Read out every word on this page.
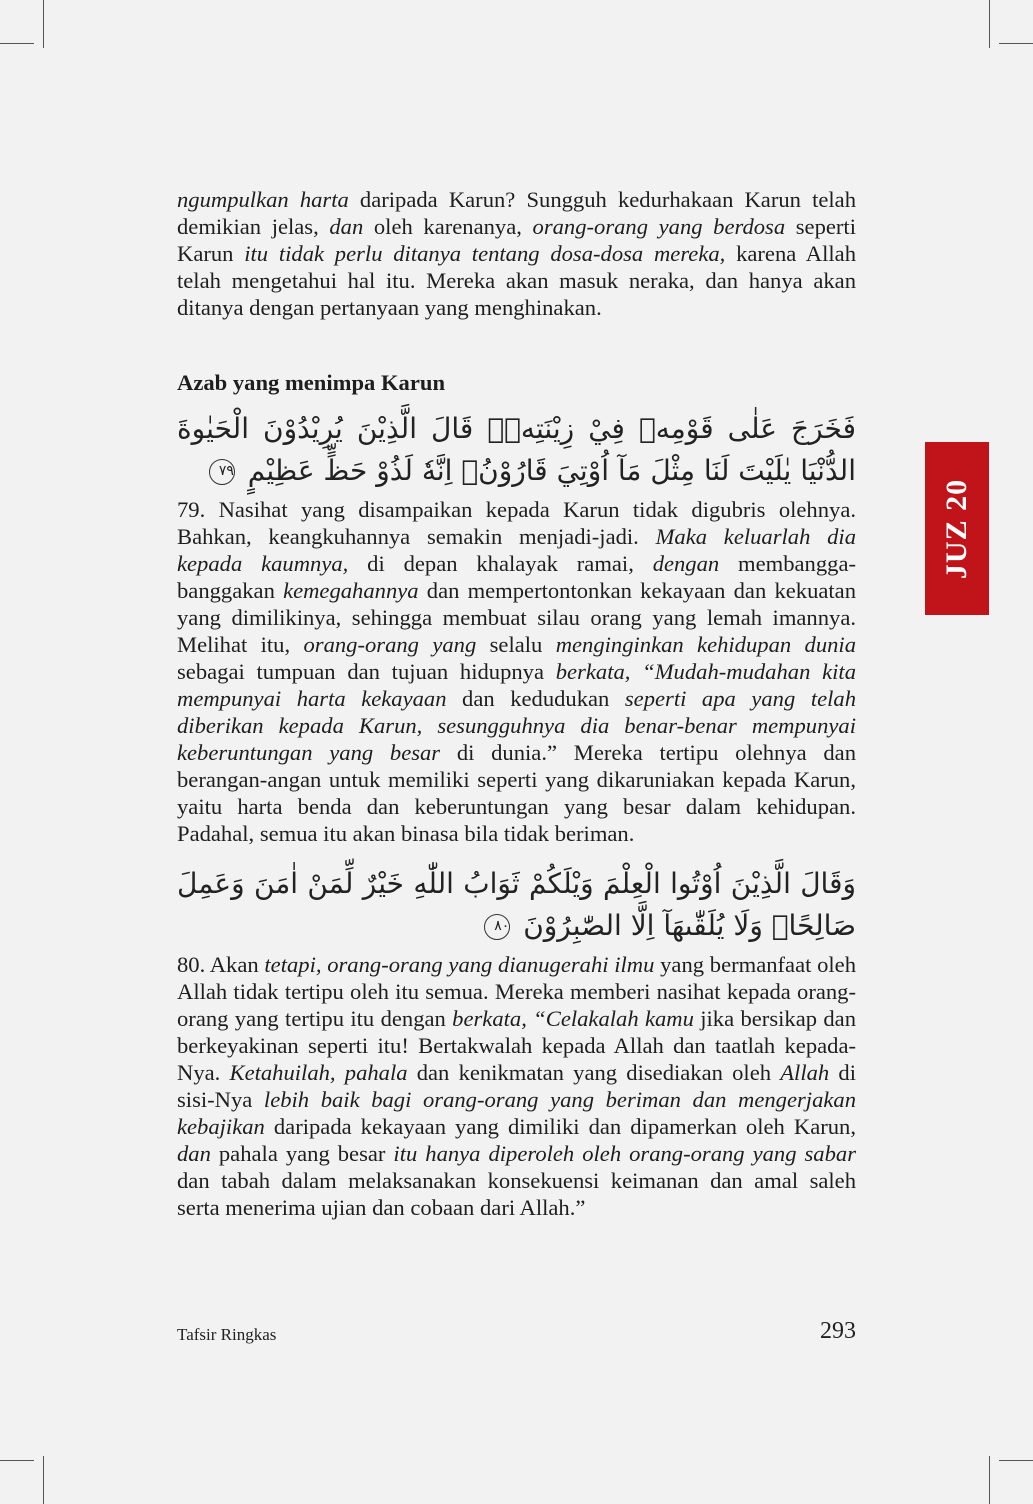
ngumpulkan harta daripada Karun? Sungguh kedurhakaan Karun telah demikian jelas, dan oleh karenanya, orang-orang yang berdosa seperti Karun itu tidak perlu ditanya tentang dosa-dosa mereka, karena Allah telah mengetahui hal itu. Mereka akan masuk neraka, dan hanya akan ditanya dengan pertanyaan yang menghinakan.

Azab yang menimpa Karun
فَخَرَجَ عَلٰى قَوْمِهٖ فِيْ زِيْنَتِهٖۗ قَالَ الَّذِيْنَ يُرِيْدُوْنَ الْحَيٰوةَ الدُّنْيَا يٰلَيْتَ لَنَا مِثْلَ مَآ اُوْتِيَ قَارُوْنُۙ اِنَّهٗ لَذُوْ حَظٍّ عَظِيْمٍ ٧٩

79. Nasihat yang disampaikan kepada Karun tidak digubris olehnya. Bahkan, keangkuhannya semakin menjadi-jadi. Maka keluarlah dia kepada kaumnya, di depan khalayak ramai, dengan membangga-banggakan kemegahannya dan mempertontonkan kekayaan dan kekuatan yang dimilikinya, sehingga membuat silau orang yang lemah imannya. Melihat itu, orang-orang yang selalu menginginkan kehidupan dunia sebagai tumpuan dan tujuan hidupnya berkata, “Mudah-mudahan kita mempunyai harta kekayaan dan kedudukan seperti apa yang telah diberikan kepada Karun, sesungguhnya dia benar-benar mempunyai keberuntungan yang besar di dunia.” Mereka tertipu olehnya dan berangan-angan untuk memiliki seperti yang dikaruniakan kepada Karun, yaitu harta benda dan keberuntungan yang besar dalam kehidupan. Padahal, semua itu akan binasa bila tidak beriman.

وَقَالَ الَّذِيْنَ اُوْتُوا الْعِلْمَ وَيْلَكُمْ ثَوَابُ اللّٰهِ خَيْرٌ لِّمَنْ اٰمَنَ وَعَمِلَ صَالِحًاۚ وَلَا يُلَقّٰىهَآ اِلَّا الصّٰبِرُوْنَ ٨٠

80. Akan tetapi, orang-orang yang dianugerahi ilmu yang bermanfaat oleh Allah tidak tertipu oleh itu semua. Mereka memberi nasihat kepada orang-orang yang tertipu itu dengan berkata, “Celakalah kamu jika bersikap dan berkeyakinan seperti itu! Bertakwalah kepada Allah dan taatlah kepada-Nya. Ketahuilah, pahala dan kenikmatan yang disediakan oleh Allah di sisi-Nya lebih baik bagi orang-orang yang beriman dan mengerjakan kebajikan daripada kekayaan yang dimiliki dan dipamerkan oleh Karun, dan pahala yang besar itu hanya diperoleh oleh orang-orang yang sabar dan tabah dalam melaksanakan konsekuensi keimanan dan amal saleh serta menerima ujian dan cobaan dari Allah.”

JUZ 20
Tafsir Ringkas	293
